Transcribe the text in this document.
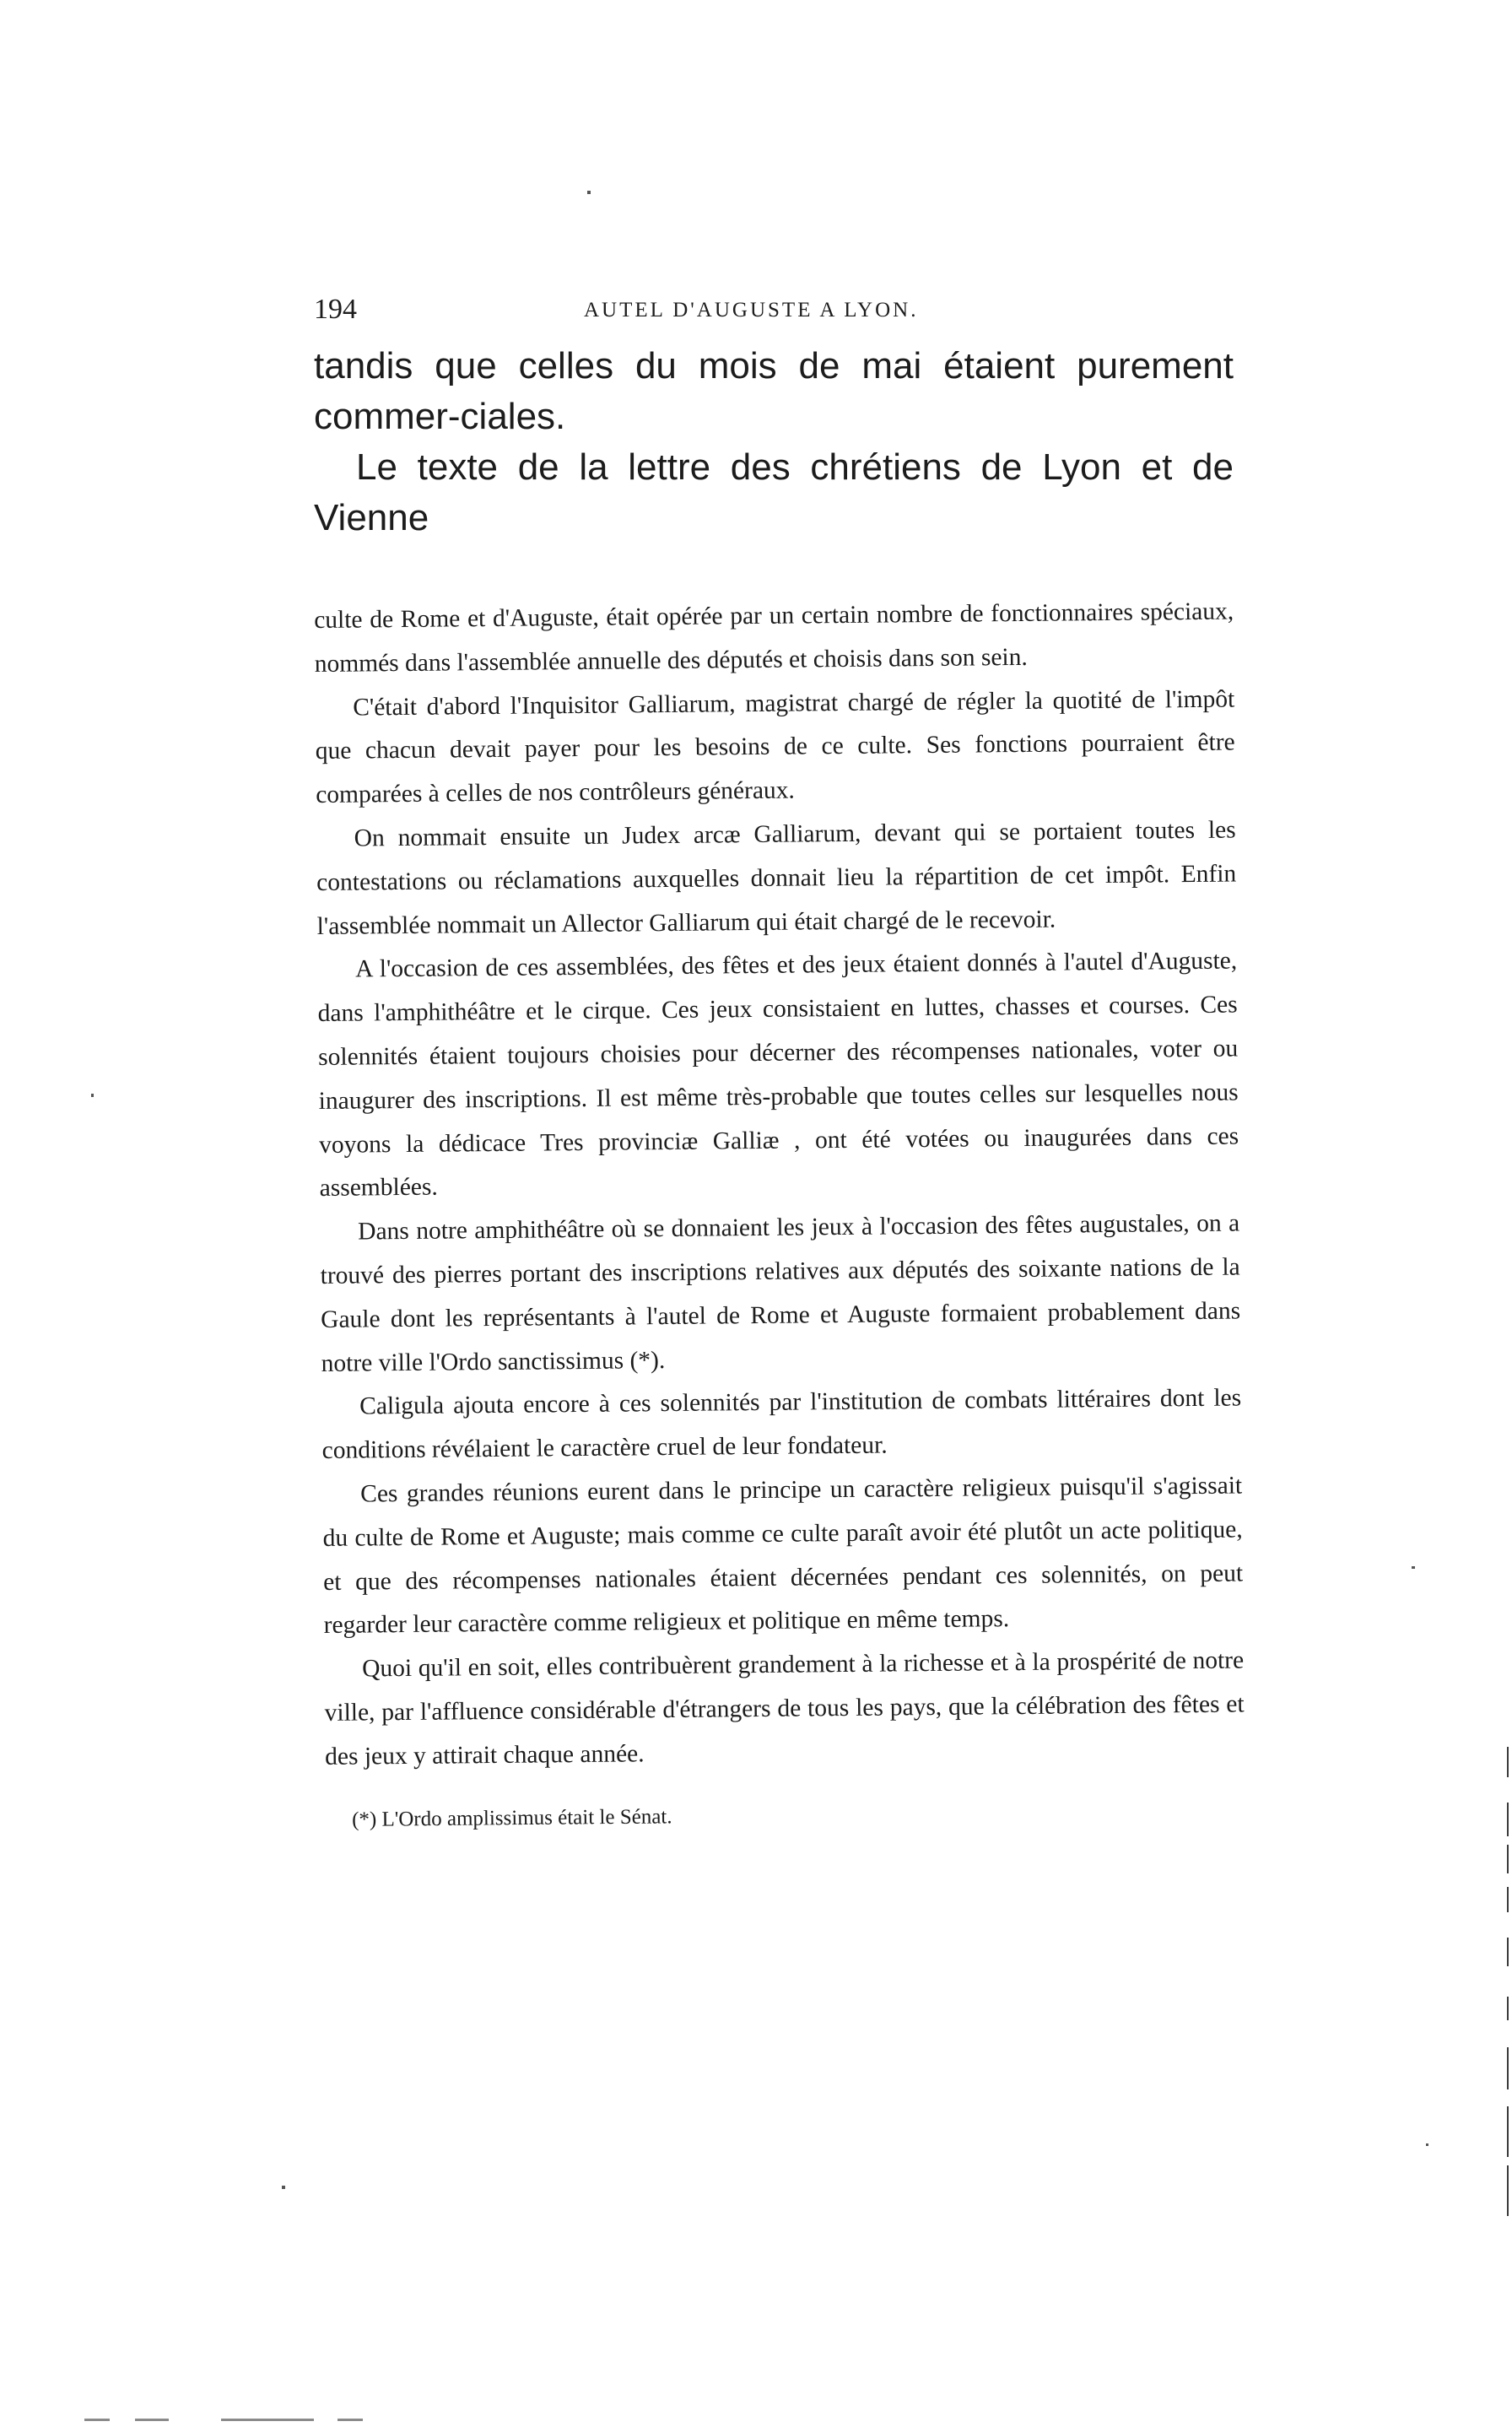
194	AUTEL D'AUGUSTE A LYON.

tandis que celles du mois de mai étaient purement commer-ciales.

Le texte de la lettre des chrétiens de Lyon et de Vienne

culte de Rome et d'Auguste, était opérée par un certain nombre de fonctionnaires spéciaux, nommés dans l'assemblée annuelle des députés et choisis dans son sein.

C'était d'abord l'Inquisitor Galliarum, magistrat chargé de régler la quotité de l'impôt que chacun devait payer pour les besoins de ce culte. Ses fonctions pourraient être comparées à celles de nos contrôleurs généraux.

On nommait ensuite un Judex arcæ Galliarum, devant qui se portaient toutes les contestations ou réclamations auxquelles donnait lieu la répartition de cet impôt. Enfin l'assemblée nommait un Allector Galliarum qui était chargé de le recevoir.

A l'occasion de ces assemblées, des fêtes et des jeux étaient donnés à l'autel d'Auguste, dans l'amphithéâtre et le cirque. Ces jeux consistaient en luttes, chasses et courses. Ces solennités étaient toujours choisies pour décerner des récompenses nationales, voter ou inaugurer des inscriptions. Il est même très-probable que toutes celles sur lesquelles nous voyons la dédicace Tres provinciæ Galliæ , ont été votées ou inaugurées dans ces assemblées.

Dans notre amphithéâtre où se donnaient les jeux à l'occasion des fêtes augustales, on a trouvé des pierres portant des inscriptions relatives aux députés des soixante nations de la Gaule dont les représentants à l'autel de Rome et Auguste formaient probablement dans notre ville l'Ordo sanctissimus (*).

Caligula ajouta encore à ces solennités par l'institution de combats littéraires dont les conditions révélaient le caractère cruel de leur fondateur.

Ces grandes réunions eurent dans le principe un caractère religieux puisqu'il s'agissait du culte de Rome et Auguste; mais comme ce culte paraît avoir été plutôt un acte politique, et que des récompenses nationales étaient décernées pendant ces solennités, on peut regarder leur caractère comme religieux et politique en même temps.

Quoi qu'il en soit, elles contribuèrent grandement à la richesse et à la prospérité de notre ville, par l'affluence considérable d'étrangers de tous les pays, que la célébration des fêtes et des jeux y attirait chaque année.

(*) L'Ordo amplissimus était le Sénat.
